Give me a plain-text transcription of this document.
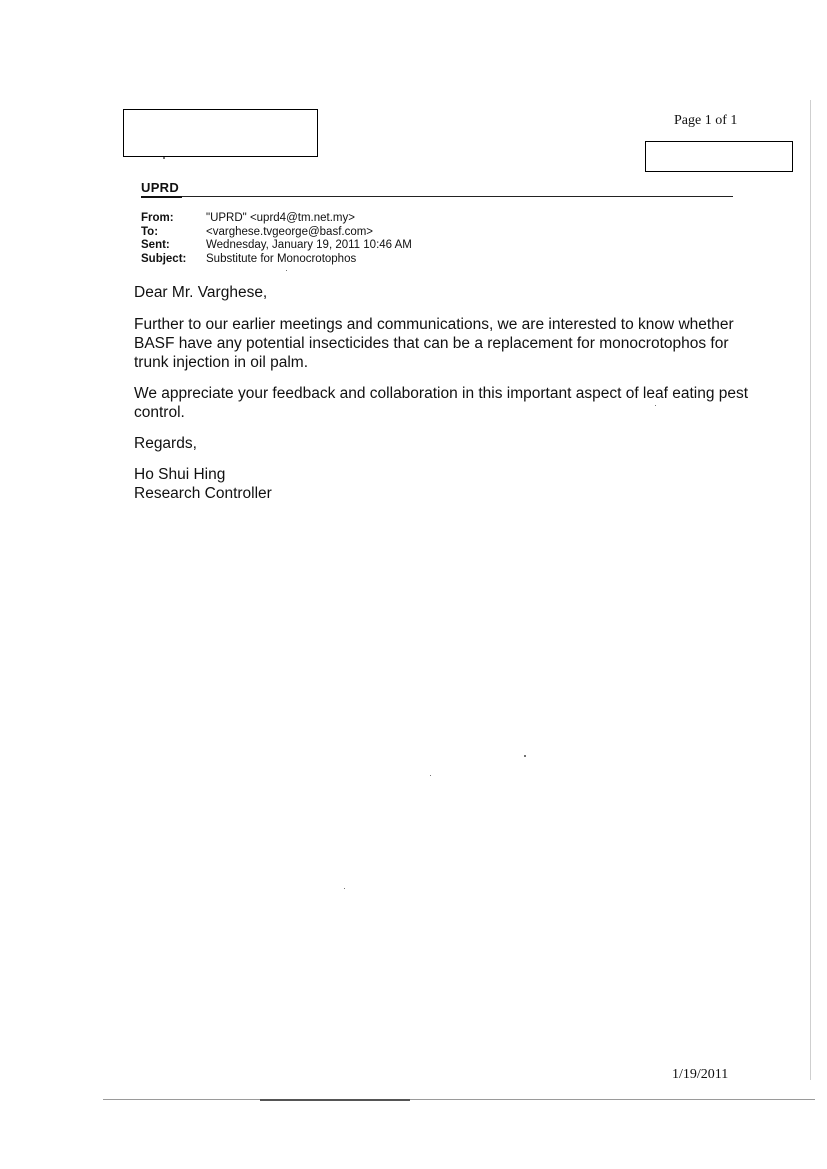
Page 1 of 1
UPRD
From:	"UPRD" <uprd4@tm.net.my>
To:	<varghese.tvgeorge@basf.com>
Sent:	Wednesday, January 19, 2011 10:46 AM
Subject:	Substitute for Monocrotophos

Dear Mr. Varghese,

Further to our earlier meetings and communications, we are interested to know whether BASF have any potential insecticides that can be a replacement for monocrotophos for trunk injection in oil palm.

We appreciate your feedback and collaboration in this important aspect of leaf eating pest control.

Regards,

Ho Shui Hing
Research Controller

1/19/2011
